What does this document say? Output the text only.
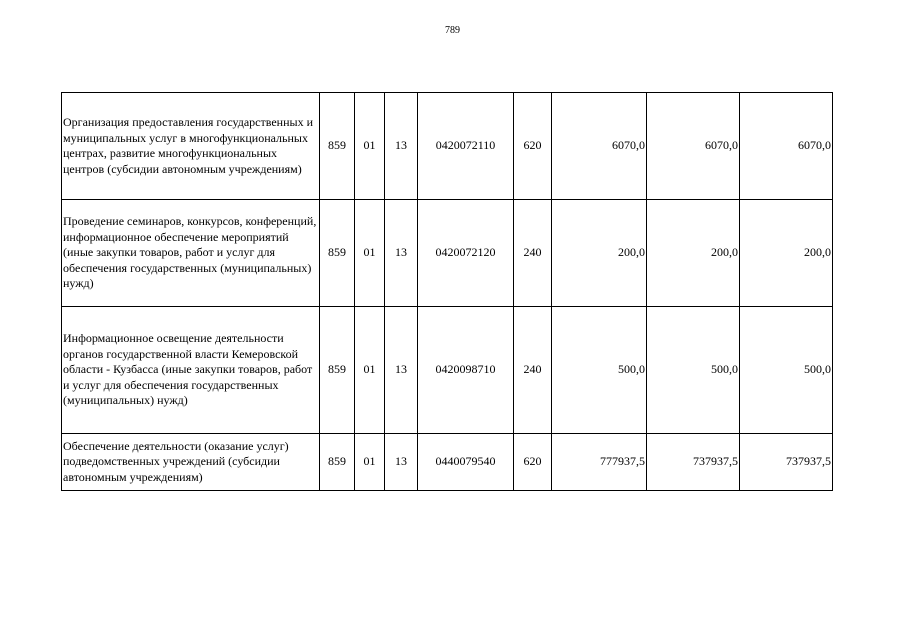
789
Организация предоставления государственных и муниципальных услуг в многофункциональных центрах, развитие многофункциональных центров (субсидии автономным учреждениям)	859	01	13	0420072110	620	6070,0	6070,0	6070,0
Проведение семинаров, конкурсов, конференций, информационное обеспечение мероприятий (иные закупки товаров, работ и услуг для обеспечения государственных (муниципальных) нужд)	859	01	13	0420072120	240	200,0	200,0	200,0
Информационное освещение деятельности органов государственной власти Кемеровской области - Кузбасса (иные закупки товаров, работ и услуг для обеспечения государственных (муниципальных) нужд)	859	01	13	0420098710	240	500,0	500,0	500,0
Обеспечение деятельности (оказание услуг) подведомственных учреждений (субсидии автономным учреждениям)	859	01	13	0440079540	620	777937,5	737937,5	737937,5
